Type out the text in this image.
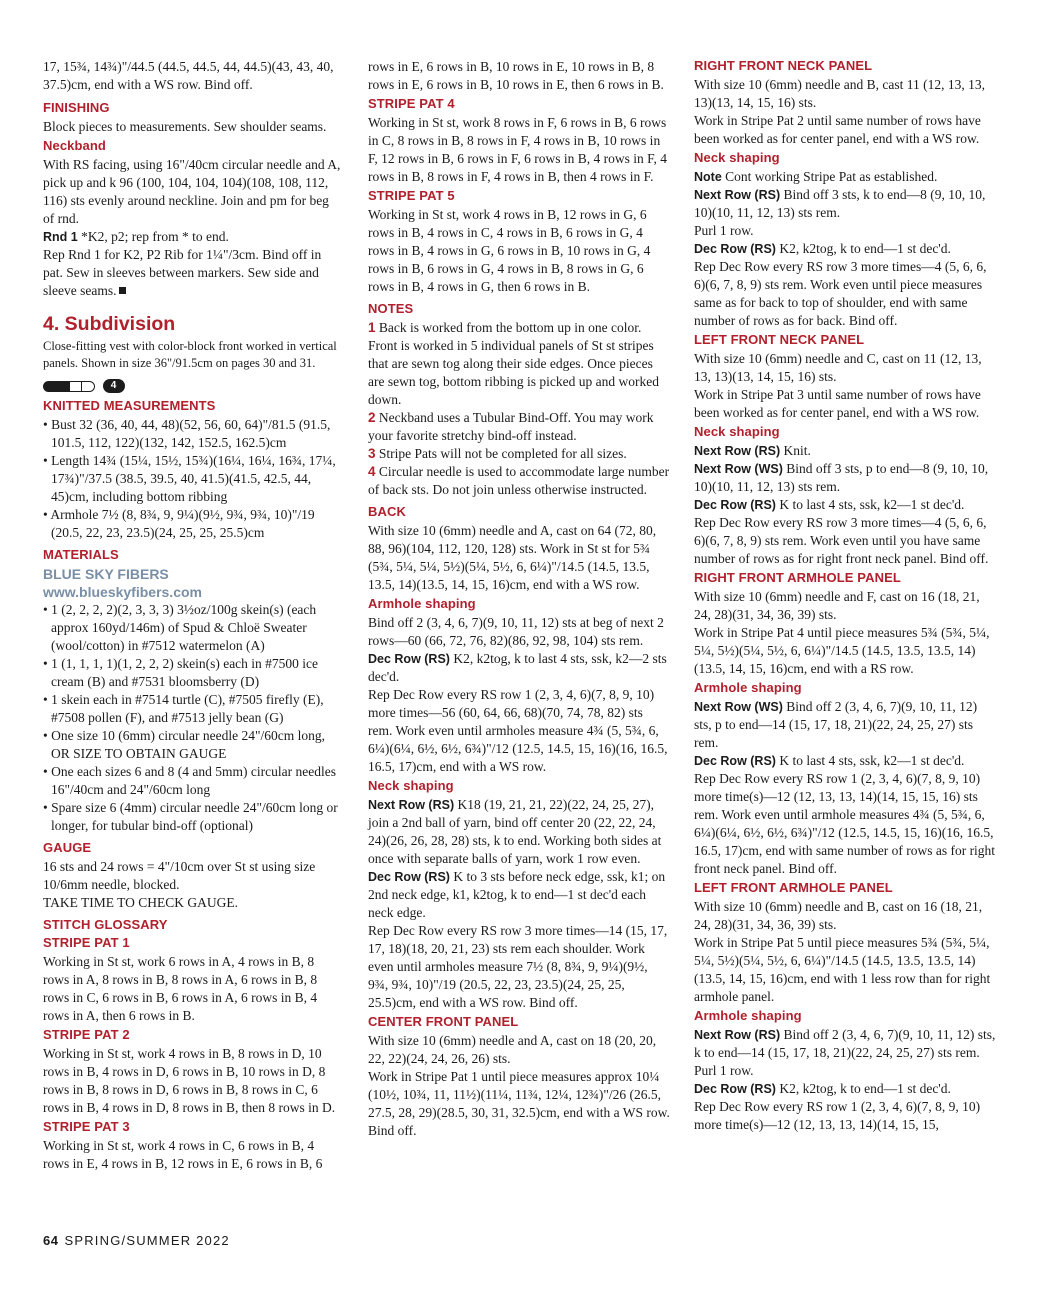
17, 15¾, 14¾)"/44.5 (44.5, 44.5, 44, 44.5)(43, 43, 40, 37.5)cm, end with a WS row. Bind off.

FINISHING

Block pieces to measurements. Sew shoulder seams.

Neckband

With RS facing, using 16"/40cm circular needle and A, pick up and k 96 (100, 104, 104, 104)(108, 108, 112, 116) sts evenly around neckline. Join and pm for beg of rnd.

Rnd 1 *K2, p2; rep from * to end.

Rep Rnd 1 for K2, P2 Rib for 1¼"/3cm. Bind off in pat. Sew in sleeves between markers. Sew side and sleeve seams.

4. Subdivision

Close-fitting vest with color-block front worked in vertical panels. Shown in size 36"/91.5cm on pages 30 and 31.

4
KNITTED MEASUREMENTS

• Bust 32 (36, 40, 44, 48)(52, 56, 60, 64)"/81.5 (91.5, 101.5, 112, 122)(132, 142, 152.5, 162.5)cm

• Length 14¾ (15¼, 15½, 15¾)(16¼, 16¼, 16¾, 17¼, 17¾)"/37.5 (38.5, 39.5, 40, 41.5)(41.5, 42.5, 44, 45)cm, including bottom ribbing

• Armhole 7½ (8, 8¾, 9, 9¼)(9½, 9¾, 9¾, 10)"/19 (20.5, 22, 23, 23.5)(24, 25, 25, 25.5)cm

MATERIALS
BLUE SKY FIBERS
www.blueskyfibers.com

• 1 (2, 2, 2, 2)(2, 3, 3, 3) 3½oz/100g skein(s) (each approx 160yd/146m) of Spud & Chloë Sweater (wool/cotton) in #7512 watermelon (A)

• 1 (1, 1, 1, 1)(1, 2, 2, 2) skein(s) each in #7500 ice cream (B) and #7531 bloomsberry (D)

• 1 skein each in #7514 turtle (C), #7505 firefly (E), #7508 pollen (F), and #7513 jelly bean (G)

• One size 10 (6mm) circular needle 24"/60cm long, OR SIZE TO OBTAIN GAUGE

• One each sizes 6 and 8 (4 and 5mm) circular needles 16"/40cm and 24"/60cm long

• Spare size 6 (4mm) circular needle 24"/60cm long or longer, for tubular bind-off (optional)

GAUGE

16 sts and 24 rows = 4"/10cm over St st using size 10/6mm needle, blocked.

TAKE TIME TO CHECK GAUGE.

STITCH GLOSSARY
STRIPE PAT 1

Working in St st, work 6 rows in A, 4 rows in B, 8 rows in A, 8 rows in B, 8 rows in A, 6 rows in B, 8 rows in C, 6 rows in B, 6 rows in A, 6 rows in B, 4 rows in A, then 6 rows in B.

STRIPE PAT 2

Working in St st, work 4 rows in B, 8 rows in D, 10 rows in B, 4 rows in D, 6 rows in B, 10 rows in D, 8 rows in B, 8 rows in D, 6 rows in B, 8 rows in C, 6 rows in B, 4 rows in D, 8 rows in B, then 8 rows in D.

STRIPE PAT 3

Working in St st, work 4 rows in C, 6 rows in B, 4 rows in E, 4 rows in B, 12 rows in E, 6 rows in B, 6

rows in E, 6 rows in B, 10 rows in E, 10 rows in B, 8 rows in E, 6 rows in B, 10 rows in E, then 6 rows in B.

STRIPE PAT 4

Working in St st, work 8 rows in F, 6 rows in B, 6 rows in C, 8 rows in B, 8 rows in F, 4 rows in B, 10 rows in F, 12 rows in B, 6 rows in F, 6 rows in B, 4 rows in F, 4 rows in B, 8 rows in F, 4 rows in B, then 4 rows in F.

STRIPE PAT 5

Working in St st, work 4 rows in B, 12 rows in G, 6 rows in B, 4 rows in C, 4 rows in B, 6 rows in G, 4 rows in B, 4 rows in G, 6 rows in B, 10 rows in G, 4 rows in B, 6 rows in G, 4 rows in B, 8 rows in G, 6 rows in B, 4 rows in G, then 6 rows in B.

NOTES

1 Back is worked from the bottom up in one color. Front is worked in 5 individual panels of St st stripes that are sewn tog along their side edges. Once pieces are sewn tog, bottom ribbing is picked up and worked down.

2 Neckband uses a Tubular Bind-Off. You may work your favorite stretchy bind-off instead.

3 Stripe Pats will not be completed for all sizes.

4 Circular needle is used to accommodate large number of back sts. Do not join unless otherwise instructed.

BACK

With size 10 (6mm) needle and A, cast on 64 (72, 80, 88, 96)(104, 112, 120, 128) sts. Work in St st for 5¾ (5¾, 5¼, 5¼, 5½)(5¼, 5½, 6, 6¼)"/14.5 (14.5, 13.5, 13.5, 14)(13.5, 14, 15, 16)cm, end with a WS row.

Armhole shaping

Bind off 2 (3, 4, 6, 7)(9, 10, 11, 12) sts at beg of next 2 rows—60 (66, 72, 76, 82)(86, 92, 98, 104) sts rem.

Dec Row (RS) K2, k2tog, k to last 4 sts, ssk, k2—2 sts dec'd.

Rep Dec Row every RS row 1 (2, 3, 4, 6)(7, 8, 9, 10) more times—56 (60, 64, 66, 68)(70, 74, 78, 82) sts rem. Work even until armholes measure 4¾ (5, 5¾, 6, 6¼)(6¼, 6½, 6½, 6¾)"/12 (12.5, 14.5, 15, 16)(16, 16.5, 16.5, 17)cm, end with a WS row.

Neck shaping

Next Row (RS) K18 (19, 21, 21, 22)(22, 24, 25, 27), join a 2nd ball of yarn, bind off center 20 (22, 22, 24, 24)(26, 26, 28, 28) sts, k to end. Working both sides at once with separate balls of yarn, work 1 row even.

Dec Row (RS) K to 3 sts before neck edge, ssk, k1; on 2nd neck edge, k1, k2tog, k to end—1 st dec'd each neck edge.

Rep Dec Row every RS row 3 more times—14 (15, 17, 17, 18)(18, 20, 21, 23) sts rem each shoulder. Work even until armholes measure 7½ (8, 8¾, 9, 9¼)(9½, 9¾, 9¾, 10)"/19 (20.5, 22, 23, 23.5)(24, 25, 25, 25.5)cm, end with a WS row. Bind off.

CENTER FRONT PANEL

With size 10 (6mm) needle and A, cast on 18 (20, 20, 22, 22)(24, 24, 26, 26) sts.

Work in Stripe Pat 1 until piece measures approx 10¼ (10½, 10¾, 11, 11½)(11¼, 11¾, 12¼, 12¾)"/26 (26.5, 27.5, 28, 29)(28.5, 30, 31, 32.5)cm, end with a WS row. Bind off.

RIGHT FRONT NECK PANEL

With size 10 (6mm) needle and B, cast 11 (12, 13, 13, 13)(13, 14, 15, 16) sts.

Work in Stripe Pat 2 until same number of rows have been worked as for center panel, end with a WS row.

Neck shaping

Note Cont working Stripe Pat as established.

Next Row (RS) Bind off 3 sts, k to end—8 (9, 10, 10, 10)(10, 11, 12, 13) sts rem.

Purl 1 row.

Dec Row (RS) K2, k2tog, k to end—1 st dec'd.

Rep Dec Row every RS row 3 more times—4 (5, 6, 6, 6)(6, 7, 8, 9) sts rem. Work even until piece measures same as for back to top of shoulder, end with same number of rows as for back. Bind off.

LEFT FRONT NECK PANEL

With size 10 (6mm) needle and C, cast on 11 (12, 13, 13, 13)(13, 14, 15, 16) sts.

Work in Stripe Pat 3 until same number of rows have been worked as for center panel, end with a WS row.

Neck shaping

Next Row (RS) Knit.

Next Row (WS) Bind off 3 sts, p to end—8 (9, 10, 10, 10)(10, 11, 12, 13) sts rem.

Dec Row (RS) K to last 4 sts, ssk, k2—1 st dec'd.

Rep Dec Row every RS row 3 more times—4 (5, 6, 6, 6)(6, 7, 8, 9) sts rem. Work even until you have same number of rows as for right front neck panel. Bind off.

RIGHT FRONT ARMHOLE PANEL

With size 10 (6mm) needle and F, cast on 16 (18, 21, 24, 28)(31, 34, 36, 39) sts.

Work in Stripe Pat 4 until piece measures 5¾ (5¾, 5¼, 5¼, 5½)(5¼, 5½, 6, 6¼)"/14.5 (14.5, 13.5, 13.5, 14)(13.5, 14, 15, 16)cm, end with a RS row.

Armhole shaping

Next Row (WS) Bind off 2 (3, 4, 6, 7)(9, 10, 11, 12) sts, p to end—14 (15, 17, 18, 21)(22, 24, 25, 27) sts rem.

Dec Row (RS) K to last 4 sts, ssk, k2—1 st dec'd.

Rep Dec Row every RS row 1 (2, 3, 4, 6)(7, 8, 9, 10) more time(s)—12 (12, 13, 13, 14)(14, 15, 15, 16) sts rem. Work even until armhole measures 4¾ (5, 5¾, 6, 6¼)(6¼, 6½, 6½, 6¾)"/12 (12.5, 14.5, 15, 16)(16, 16.5, 16.5, 17)cm, end with same number of rows as for right front neck panel. Bind off.

LEFT FRONT ARMHOLE PANEL

With size 10 (6mm) needle and B, cast on 16 (18, 21, 24, 28)(31, 34, 36, 39) sts.

Work in Stripe Pat 5 until piece measures 5¾ (5¾, 5¼, 5¼, 5½)(5¼, 5½, 6, 6¼)"/14.5 (14.5, 13.5, 13.5, 14)(13.5, 14, 15, 16)cm, end with 1 less row than for right armhole panel.

Armhole shaping

Next Row (RS) Bind off 2 (3, 4, 6, 7)(9, 10, 11, 12) sts, k to end—14 (15, 17, 18, 21)(22, 24, 25, 27) sts rem.

Purl 1 row.

Dec Row (RS) K2, k2tog, k to end—1 st dec'd.

Rep Dec Row every RS row 1 (2, 3, 4, 6)(7, 8, 9, 10) more time(s)—12 (12, 13, 13, 14)(14, 15, 15,

64 SPRING/SUMMER 2022
